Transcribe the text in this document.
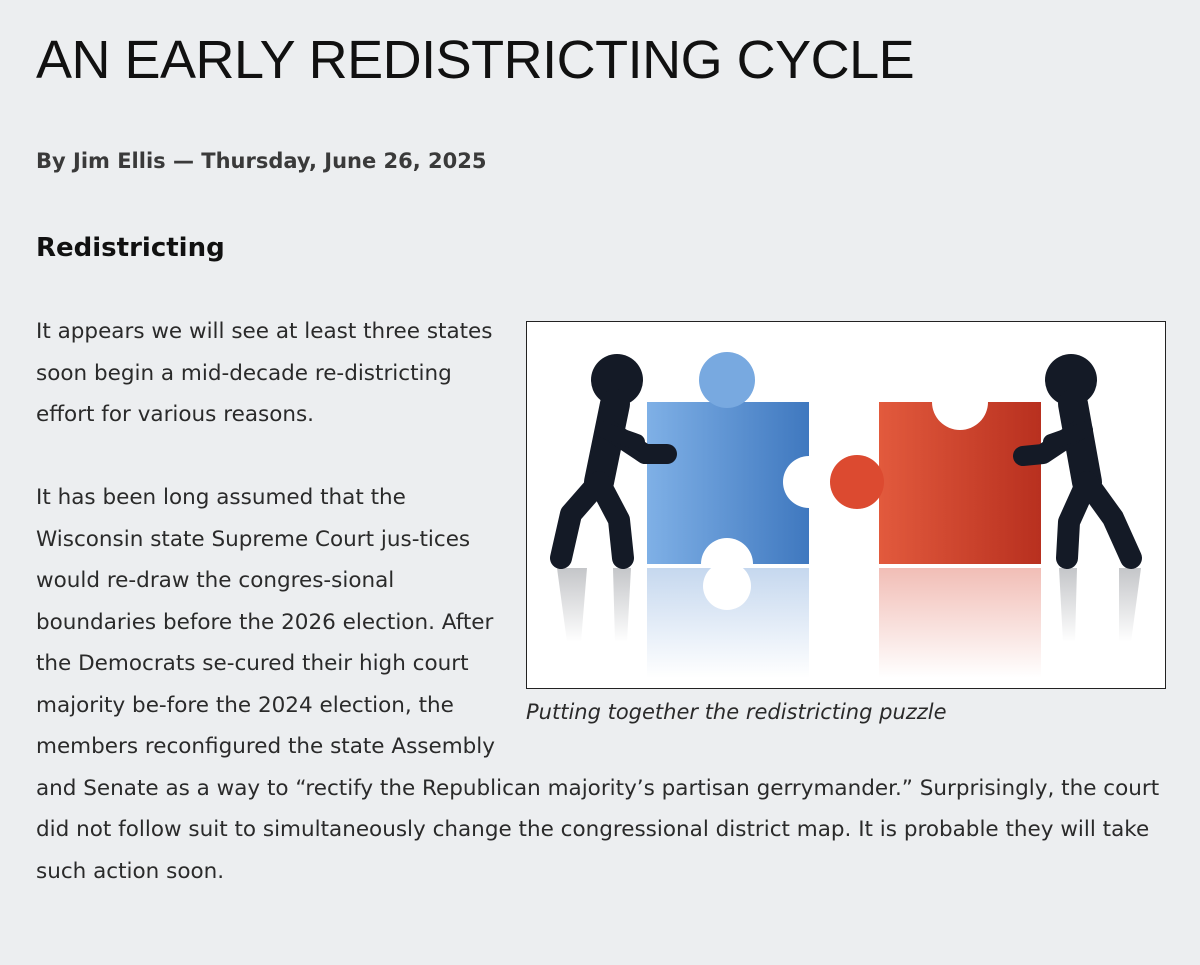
AN EARLY REDISTRICTING CYCLE
By Jim Ellis — Thursday, June 26, 2025
Redistricting
Putting together the redistricting puzzle

It appears we will see at least three states soon begin a mid-decade re-districting effort for various reasons.

It has been long assumed that the Wisconsin state Supreme Court jus-tices would re-draw the congres-sional boundaries before the 2026 election. After the Democrats se-cured their high court majority be-fore the 2024 election, the members reconfigured the state Assembly and Senate as a way to “rectify the Republican majority’s partisan gerrymander.” Surprisingly, the court did not follow suit to simultaneously change the congressional district map. It is probable they will take such action soon.
